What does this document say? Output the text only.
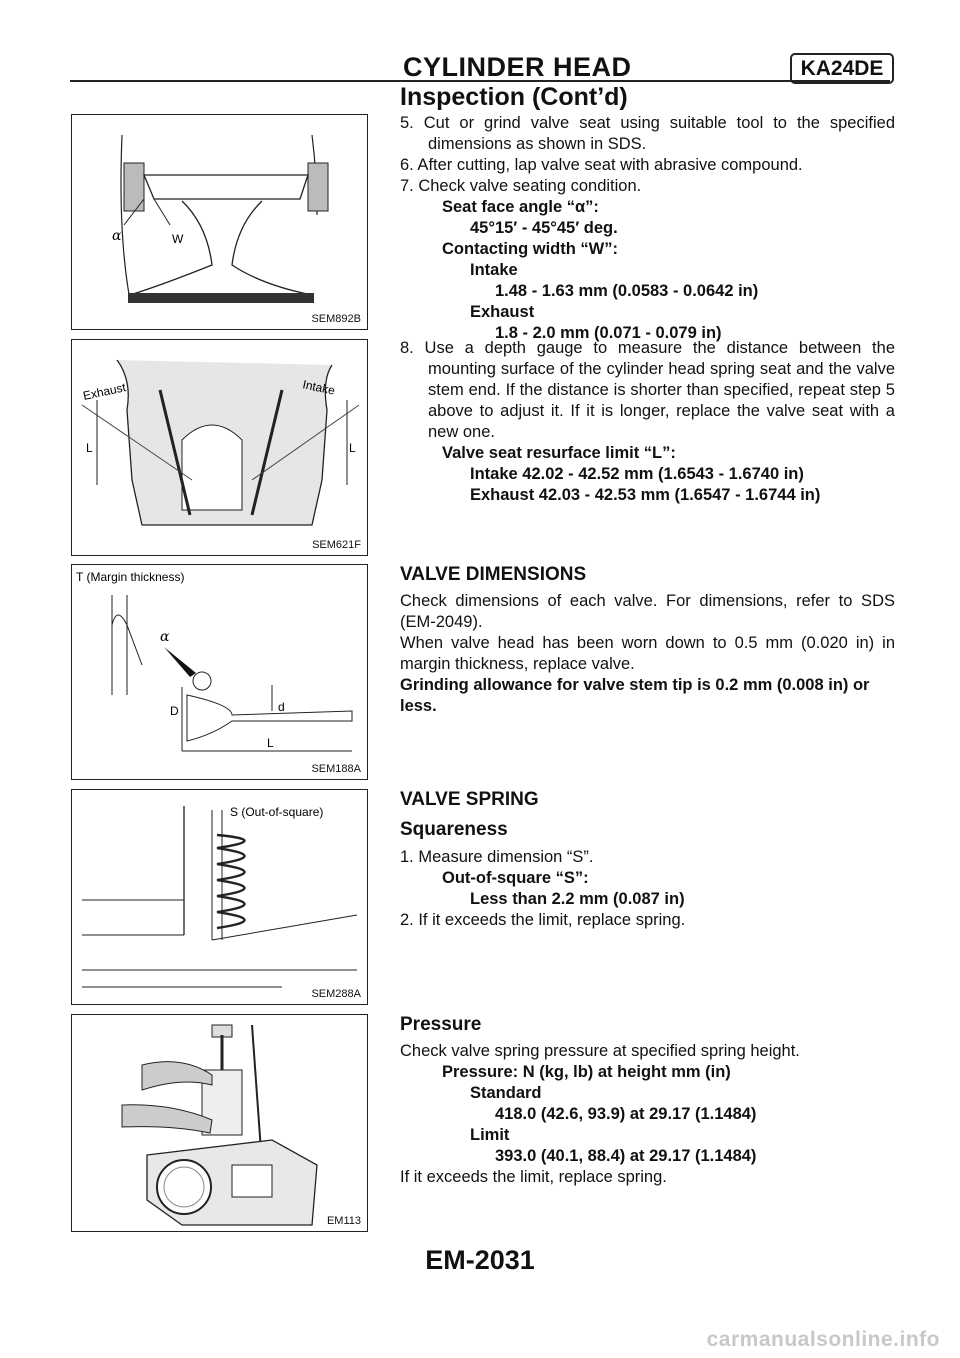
CYLINDER HEAD	KA24DE
Inspection (Cont’d)
α	W
SEM892B
Exhaust	Intake
L	L
SEM621F
T (Margin thickness)
α
D	d
L
SEM188A
S (Out-of-square)
SEM288A
EM113

5. Cut or grind valve seat using suitable tool to the specified dimensions as shown in SDS.

6. After cutting, lap valve seat with abrasive compound.

7. Check valve seating condition.

Seat face angle “α”:

45°15′ - 45°45′ deg.

Contacting width “W”:

Intake

1.48 - 1.63 mm (0.0583 - 0.0642 in)

Exhaust

1.8 - 2.0 mm (0.071 - 0.079 in)

8. Use a depth gauge to measure the distance between the mounting surface of the cylinder head spring seat and the valve stem end. If the distance is shorter than specified, repeat step 5 above to adjust it. If it is longer, replace the valve seat with a new one.

Valve seat resurface limit “L”:

Intake 42.02 - 42.52 mm (1.6543 - 1.6740 in)

Exhaust 42.03 - 42.53 mm (1.6547 - 1.6744 in)

VALVE DIMENSIONS

Check dimensions of each valve. For dimensions, refer to SDS (EM-2049).

When valve head has been worn down to 0.5 mm (0.020 in) in margin thickness, replace valve.

Grinding allowance for valve stem tip is 0.2 mm (0.008 in) or less.

VALVE SPRING
Squareness

1. Measure dimension “S”.

Out-of-square “S”:

Less than 2.2 mm (0.087 in)

2. If it exceeds the limit, replace spring.

Pressure

Check valve spring pressure at specified spring height.

Pressure: N (kg, lb) at height mm (in)

Standard

418.0 (42.6, 93.9) at 29.17 (1.1484)

Limit

393.0 (40.1, 88.4) at 29.17 (1.1484)

If it exceeds the limit, replace spring.

EM-2031
carmanualsonline.info
